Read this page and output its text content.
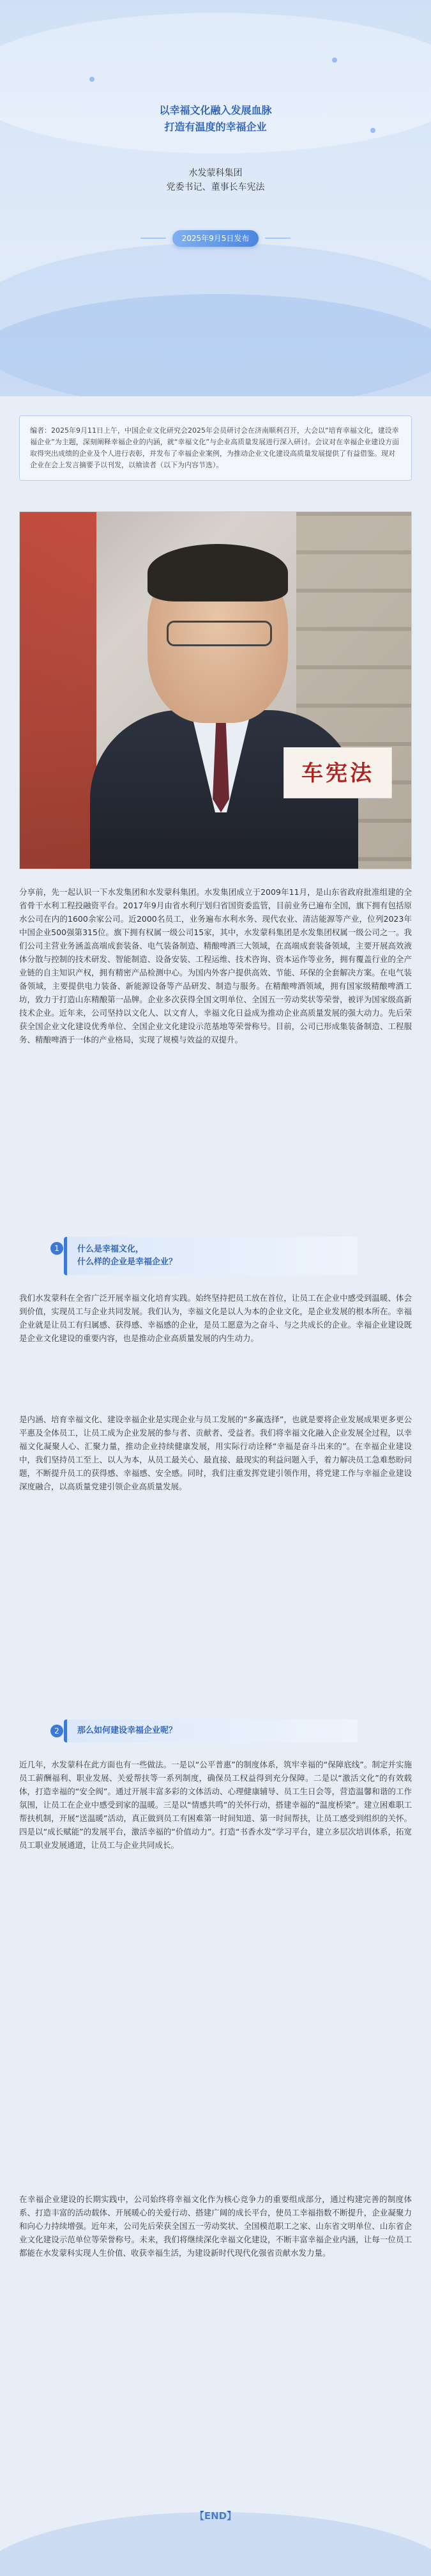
以幸福文化融入发展血脉
打造有温度的幸福企业
水发蒙科集团
党委书记、董事长车宪法
2025年9月5日发布
编者：2025年9月11日上午，中国企业文化研究会2025年会员研讨会在济南顺利召开，大会以“培育幸福文化，建设幸福企业”为主题，深刻阐释幸福企业的内涵，就“幸福文化”与企业高质量发展进行深入研讨。会议对在幸福企业建设方面取得突出成绩的企业及个人进行表彰，并发布了幸福企业案例，为推动企业文化建设高质量发展提供了有益借鉴。现对企业在会上发言摘要予以刊发，以飨读者（以下为内容节选）。
车宪法
分享前，先一起认识一下水发集团和水发蒙科集团。水发集团成立于2009年11月，是山东省政府批准组建的全省骨干水利工程投融资平台。2017年9月由省水利厅划归省国资委监管，目前业务已遍布全国，旗下拥有包括原水公司在内的1600余家公司。近2000名员工，业务遍布水利水务、现代农业、清洁能源等产业，位列2023年中国企业500强第315位。旗下拥有权属一级公司15家，其中，水发蒙科集团是水发集团权属一级公司之一。我们公司主营业务涵盖高端成套装备、电气装备制造、精酿啤酒三大领域，在高端成套装备领域，主要开展高效液体分散与控制的技术研发、智能制造、设备安装、工程运维、技术咨询、资本运作等业务，拥有覆盖行业的全产业链的自主知识产权，拥有精密产品检测中心。为国内外客户提供高效、节能、环保的全套解决方案。在电气装备领域，主要提供电力装备、新能源设备等产品研发、制造与服务。在精酿啤酒领域，拥有国家级精酿啤酒工坊，致力于打造山东精酿第一品牌。企业多次获得全国文明单位、全国五一劳动奖状等荣誉，被评为国家级高新技术企业。近年来，公司坚持以文化人、以文育人，幸福文化日益成为推动企业高质量发展的强大动力。先后荣获全国企业文化建设优秀单位、全国企业文化建设示范基地等荣誉称号。目前，公司已形成集装备制造、工程服务、精酿啤酒于一体的产业格局，实现了规模与效益的双提升。
1	什么是幸福文化，
什么样的企业是幸福企业？
我们水发蒙科在全省广泛开展幸福文化培育实践。始终坚持把员工放在首位，让员工在企业中感受到温暖、体会到价值，实现员工与企业共同发展。我们认为，幸福文化是以人为本的企业文化，是企业发展的根本所在。幸福企业就是让员工有归属感、获得感、幸福感的企业，是员工愿意为之奋斗、与之共成长的企业。幸福企业建设既是企业文化建设的重要内容，也是推动企业高质量发展的内生动力。
是内涵、培育幸福文化、建设幸福企业是实现企业与员工发展的“多赢选择”，也就是要将企业发展成果更多更公平惠及全体员工，让员工成为企业发展的参与者、贡献者、受益者。我们将幸福文化融入企业发展全过程，以幸福文化凝聚人心、汇聚力量，推动企业持续健康发展，用实际行动诠释“幸福是奋斗出来的”。在幸福企业建设中，我们坚持员工至上、以人为本，从员工最关心、最直接、最现实的利益问题入手，着力解决员工急难愁盼问题，不断提升员工的获得感、幸福感、安全感。同时，我们注重发挥党建引领作用，将党建工作与幸福企业建设深度融合，以高质量党建引领企业高质量发展。
2	那么如何建设幸福企业呢？
近几年，水发蒙科在此方面也有一些做法。一是以“公平普惠”的制度体系，筑牢幸福的“保障底线”。制定并实施员工薪酬福利、职业发展、关爱帮扶等一系列制度，确保员工权益得到充分保障。二是以“激活文化”的有效载体，打造幸福的“安全阀”。通过开展丰富多彩的文体活动、心理健康辅导、员工生日会等，营造温馨和谐的工作氛围，让员工在企业中感受到家的温暖。三是以“情感共鸣”的关怀行动，搭建幸福的“温度桥梁”。建立困难职工帮扶机制，开展“送温暖”活动，真正做到员工有困难第一时间知道、第一时间帮扶，让员工感受到组织的关怀。四是以“成长赋能”的发展平台，激活幸福的“价值动力”。打造“书香水发”学习平台，建立多层次培训体系，拓宽员工职业发展通道，让员工与企业共同成长。
在幸福企业建设的长期实践中，公司始终将幸福文化作为核心竞争力的重要组成部分，通过构建完善的制度体系、打造丰富的活动载体、开展暖心的关爱行动、搭建广阔的成长平台，使员工幸福指数不断提升，企业凝聚力和向心力持续增强。近年来，公司先后荣获全国五一劳动奖状、全国模范职工之家、山东省文明单位、山东省企业文化建设示范单位等荣誉称号。未来，我们将继续深化幸福文化建设，不断丰富幸福企业内涵，让每一位员工都能在水发蒙科实现人生价值、收获幸福生活，为建设新时代现代化强省贡献水发力量。
【END】
